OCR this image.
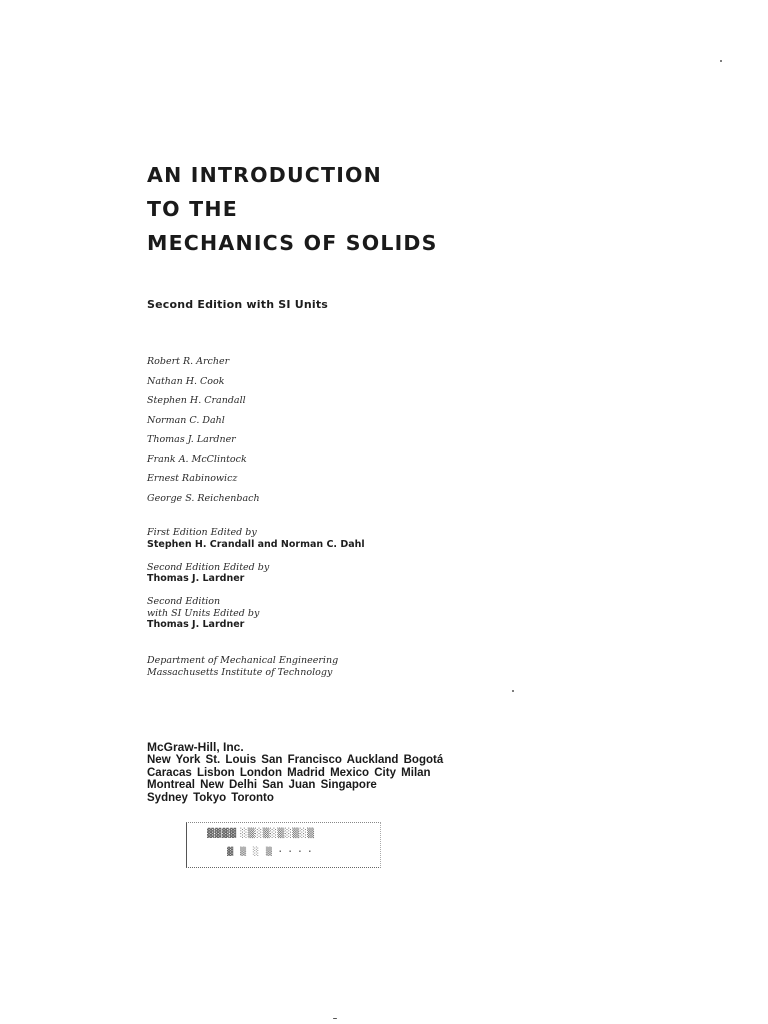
AN INTRODUCTION
TO THE
MECHANICS OF SOLIDS
Second Edition with SI Units
Robert R. Archer
Nathan H. Cook
Stephen H. Crandall
Norman C. Dahl
Thomas J. Lardner
Frank A. McClintock
Ernest Rabinowicz
George S. Reichenbach
First Edition Edited by
Stephen H. Crandall and Norman C. Dahl
Second Edition Edited by
Thomas J. Lardner
Second Edition
with SI Units Edited by
Thomas J. Lardner
Department of Mechanical Engineering
Massachusetts Institute of Technology
McGraw-Hill, Inc.
New York St. Louis San Francisco Auckland Bogotá
Caracas Lisbon London Madrid Mexico City Milan
Montreal New Delhi San Juan Singapore
Sydney Tokyo Toronto
▓▓▓▓ ░▒░▒░▒░▒░▒
▓ ▒ ░ ▒ · · · ·
